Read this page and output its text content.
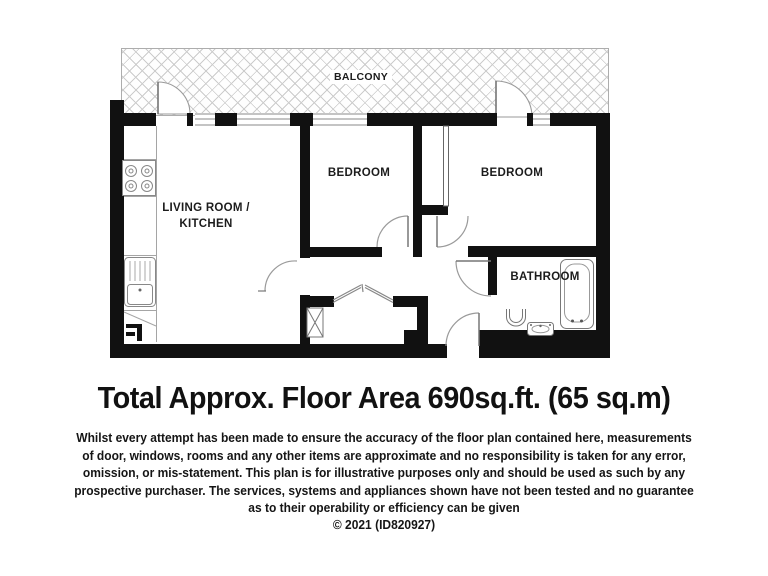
BALCONY
LIVING ROOM /
KITCHEN
BEDROOM	BEDROOM
BATHROOM
Total Approx. Floor Area 690sq.ft. (65 sq.m)
Whilst every attempt has been made to ensure the accuracy of the floor plan contained here, measurements
of door, windows, rooms and any other items are approximate and no responsibility is taken for any error,
omission, or mis-statement. This plan is for illustrative purposes only and should be used as such by any
prospective purchaser. The services, systems and appliances shown have not been tested and no guarantee
as to their operability or efficiency can be given
© 2021 (ID820927)
